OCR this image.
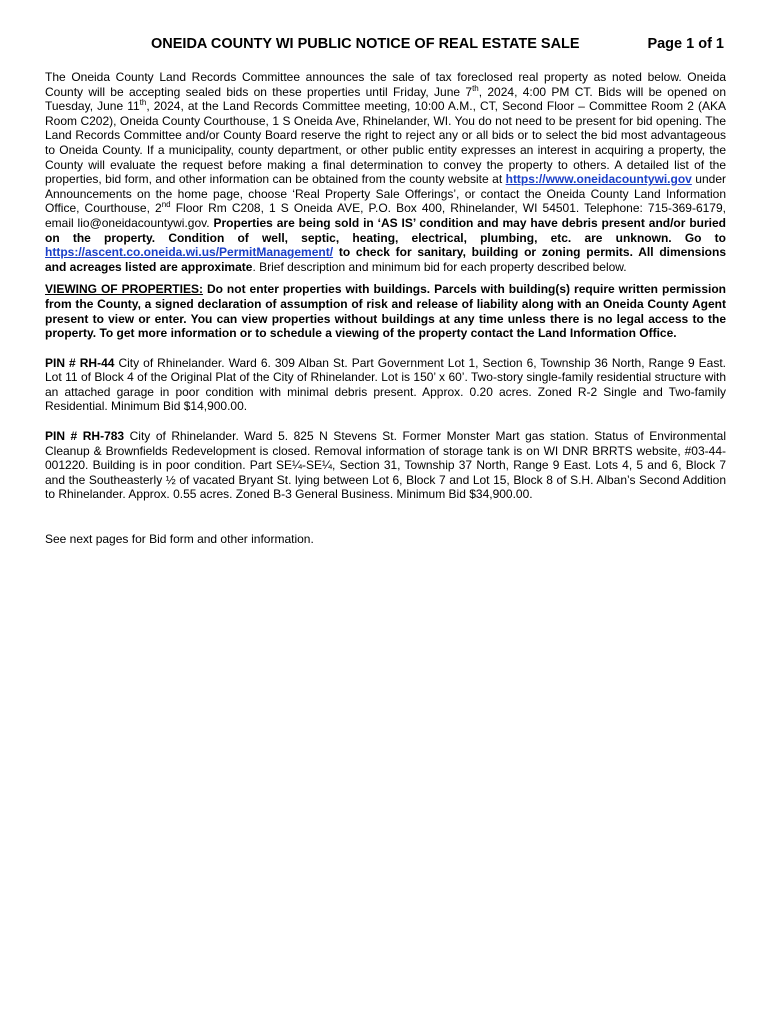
ONEIDA COUNTY WI PUBLIC NOTICE OF REAL ESTATE SALE	Page 1 of 1

The Oneida County Land Records Committee announces the sale of tax foreclosed real property as noted below. Oneida County will be accepting sealed bids on these properties until Friday, June 7th, 2024, 4:00 PM CT. Bids will be opened on Tuesday, June 11th, 2024, at the Land Records Committee meeting, 10:00 A.M., CT, Second Floor – Committee Room 2 (AKA Room C202), Oneida County Courthouse, 1 S Oneida Ave, Rhinelander, WI. You do not need to be present for bid opening. The Land Records Committee and/or County Board reserve the right to reject any or all bids or to select the bid most advantageous to Oneida County. If a municipality, county department, or other public entity expresses an interest in acquiring a property, the County will evaluate the request before making a final determination to convey the property to others. A detailed list of the properties, bid form, and other information can be obtained from the county website at https://www.oneidacountywi.gov under Announcements on the home page, choose ‘Real Property Sale Offerings’, or contact the Oneida County Land Information Office, Courthouse, 2nd Floor Rm C208, 1 S Oneida AVE, P.O. Box 400, Rhinelander, WI 54501. Telephone: 715-369-6179, email lio@oneidacountywi.gov. Properties are being sold in ‘AS IS’ condition and may have debris present and/or buried on the property. Condition of well, septic, heating, electrical, plumbing, etc. are unknown. Go to https://ascent.co.oneida.wi.us/PermitManagement/ to check for sanitary, building or zoning permits. All dimensions and acreages listed are approximate. Brief description and minimum bid for each property described below.

VIEWING OF PROPERTIES: Do not enter properties with buildings. Parcels with building(s) require written permission from the County, a signed declaration of assumption of risk and release of liability along with an Oneida County Agent present to view or enter. You can view properties without buildings at any time unless there is no legal access to the property. To get more information or to schedule a viewing of the property contact the Land Information Office.

PIN # RH-44 City of Rhinelander. Ward 6. 309 Alban St. Part Government Lot 1, Section 6, Township 36 North, Range 9 East. Lot 11 of Block 4 of the Original Plat of the City of Rhinelander. Lot is 150’ x 60’. Two-story single-family residential structure with an attached garage in poor condition with minimal debris present. Approx. 0.20 acres. Zoned R-2 Single and Two-family Residential. Minimum Bid $14,900.00.

PIN # RH-783 City of Rhinelander. Ward 5. 825 N Stevens St. Former Monster Mart gas station. Status of Environmental Cleanup & Brownfields Redevelopment is closed. Removal information of storage tank is on WI DNR BRRTS website, #03-44-001220. Building is in poor condition. Part SE¼-SE¼, Section 31, Township 37 North, Range 9 East. Lots 4, 5 and 6, Block 7 and the Southeasterly ½ of vacated Bryant St. lying between Lot 6, Block 7 and Lot 15, Block 8 of S.H. Alban’s Second Addition to Rhinelander. Approx. 0.55 acres. Zoned B-3 General Business. Minimum Bid $34,900.00.

See next pages for Bid form and other information.
